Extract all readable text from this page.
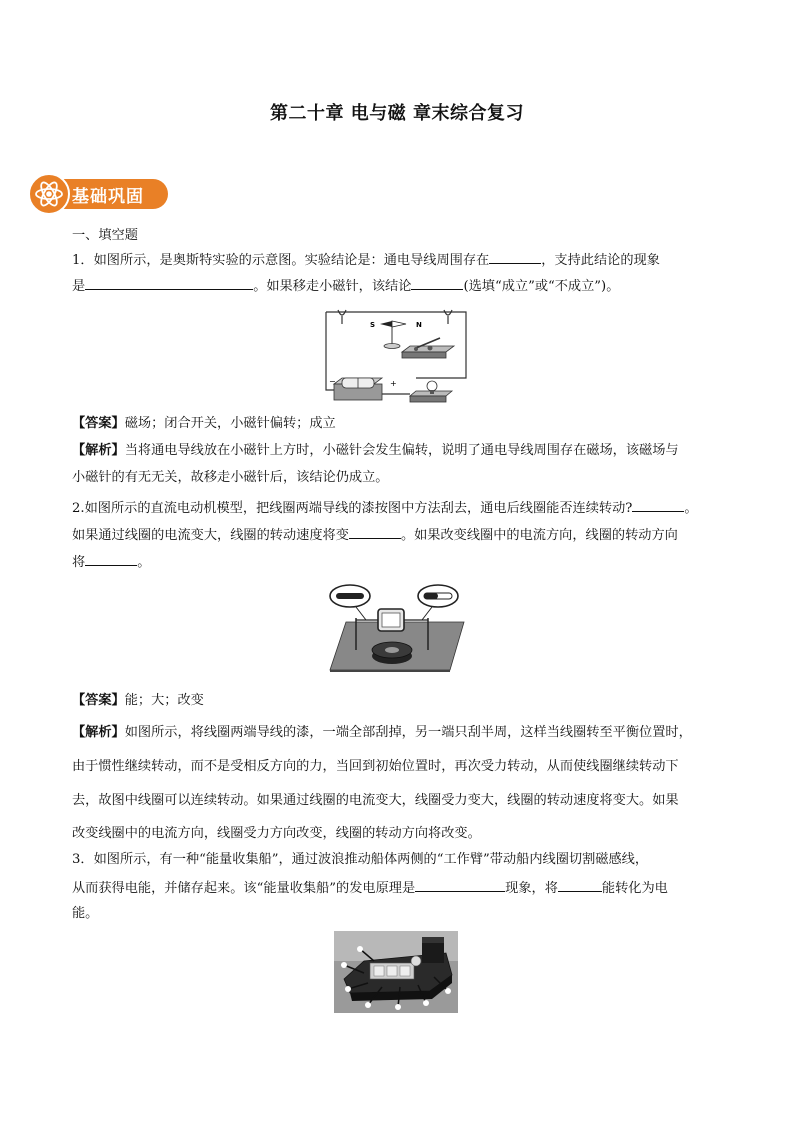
第二十章 电与磁 章末综合复习
基础巩固
一、填空题
1．如图所示，是奥斯特实验的示意图。实验结论是：通电导线周围存在	，支持此结论的现象
是	。如果移走小磁针，该结论	(选填“成立”或“不成立”)。
S	N
−	+
【答案】磁场；闭合开关，小磁针偏转；成立
【解析】当将通电导线放在小磁针上方时，小磁针会发生偏转，说明了通电导线周围存在磁场，该磁场与
小磁针的有无无关，故移走小磁针后，该结论仍成立。
2.如图所示的直流电动机模型，把线圈两端导线的漆按图中方法刮去，通电后线圈能否连续转动?	。
如果通过线圈的电流变大，线圈的转动速度将变	。如果改变线圈中的电流方向，线圈的转动方向
将	。
【答案】能；大；改变
【解析】如图所示，将线圈两端导线的漆，一端全部刮掉，另一端只刮半周，这样当线圈转至平衡位置时，
由于惯性继续转动，而不是受相反方向的力，当回到初始位置时，再次受力转动，从而使线圈继续转动下
去，故图中线圈可以连续转动。如果通过线圈的电流变大，线圈受力变大，线圈的转动速度将变大。如果
改变线圈中的电流方向，线圈受力方向改变，线圈的转动方向将改变。
3．如图所示，有一种“能量收集船”，通过波浪推动船体两侧的“工作臂”带动船内线圈切割磁感线，
从而获得电能，并储存起来。该“能量收集船”的发电原理是	现象，将	能转化为电
能。
